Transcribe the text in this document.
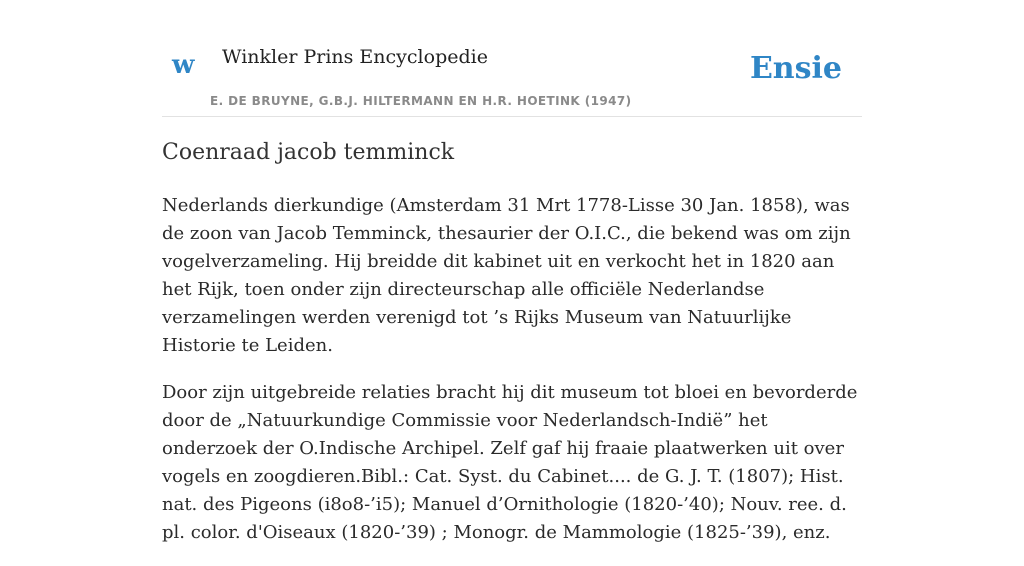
w Winkler Prins Encyclopedie
E. DE BRUYNE, G.B.J. HILTERMANN EN H.R. HOETINK (1947)
Ensie
Coenraad jacob temminck

Nederlands dierkundige (Amsterdam 31 Mrt 1778-Lisse 30 Jan. 1858), was de zoon van Jacob Temminck, thesaurier der O.I.C., die bekend was om zijn vogelverzameling. Hij breidde dit kabinet uit en verkocht het in 1820 aan het Rijk, toen onder zijn directeurschap alle officiële Nederlandse verzamelingen werden verenigd tot ’s Rijks Museum van Natuurlijke Historie te Leiden.

Door zijn uitgebreide relaties bracht hij dit museum tot bloei en bevorderde door de „Natuurkundige Commissie voor Nederlandsch-Indië” het onderzoek der O.Indische Archipel. Zelf gaf hij fraaie plaatwerken uit over vogels en zoogdieren.Bibl.: Cat. Syst. du Cabinet.... de G. J. T. (1807); Hist. nat. des Pigeons (i8o8-’i5); Manuel d’Ornithologie (1820-’40); Nouv. ree. d. pl. color. d'Oiseaux (1820-’39) ; Monogr. de Mammologie (1825-’39), enz.
